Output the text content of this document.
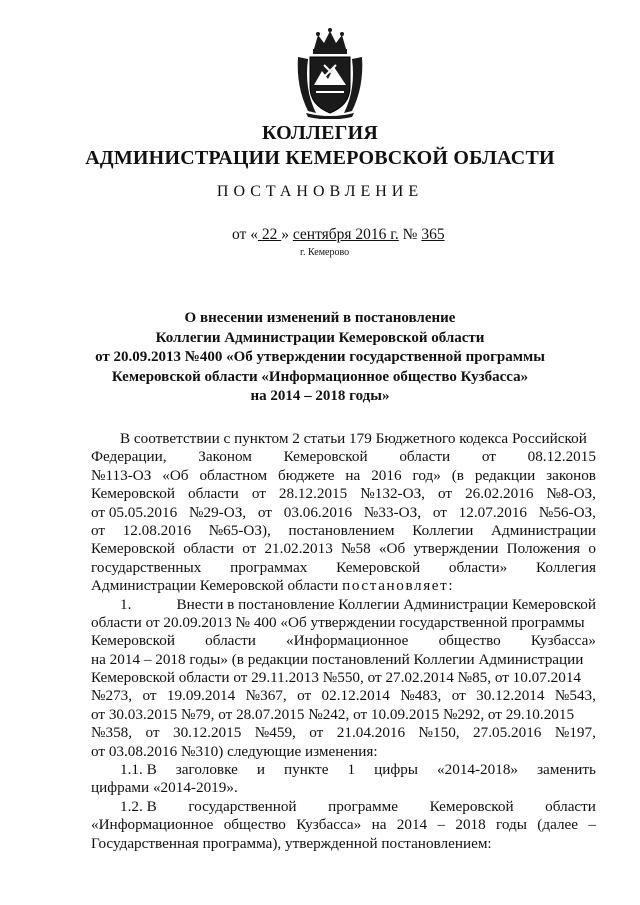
КОЛЛЕГИЯ
АДМИНИСТРАЦИИ КЕМЕРОВСКОЙ ОБЛАСТИ
ПОСТАНОВЛЕНИЕ
от « 22 » сентября 2016 г. № 365
г. Кемерово
О внесении изменений в постановление
Коллегии Администрации Кемеровской области
от 20.09.2013 №400 «Об утверждении государственной программы
Кемеровской области «Информационное общество Кузбасса»
на 2014 – 2018 годы»
В соответствии с пунктом 2 статьи 179 Бюджетного кодекса Российской
Федерации, Законом Кемеровской области от 08.12.2015
№113-ОЗ «Об областном бюджете на 2016 год» (в редакции законов
Кемеровской области от 28.12.2015 №132-ОЗ, от 26.02.2016 №8-ОЗ,
от 05.05.2016 №29-ОЗ, от 03.06.2016 №33-ОЗ, от 12.07.2016 №56-ОЗ,
от 12.08.2016 №65-ОЗ), постановлением Коллегии Администрации
Кемеровской области от 21.02.2013 №58 «Об утверждении Положения о
государственных программах Кемеровской области» Коллегия
Администрации Кемеровской области постановляет:
1.	Внести в постановление Коллегии Администрации Кемеровской
области от 20.09.2013 № 400 «Об утверждении государственной программы
Кемеровской области «Информационное общество Кузбасса»
на 2014 – 2018 годы» (в редакции постановлений Коллегии Администрации
Кемеровской области от 29.11.2013 №550, от 27.02.2014 №85, от 10.07.2014
№273, от 19.09.2014 №367, от 02.12.2014 №483, от 30.12.2014 №543,
от 30.03.2015 №79, от 28.07.2015 №242, от 10.09.2015 №292, от 29.10.2015
№358, от 30.12.2015 №459, от 21.04.2016 №150, 27.05.2016 №197,
от 03.08.2016 №310) следующие изменения:
1.1. В заголовке и пункте 1 цифры «2014-2018» заменить
цифрами «2014-2019».
1.2. В государственной программе Кемеровской области
«Информационное общество Кузбасса» на 2014 – 2018 годы (далее –
Государственная программа), утвержденной постановлением:
